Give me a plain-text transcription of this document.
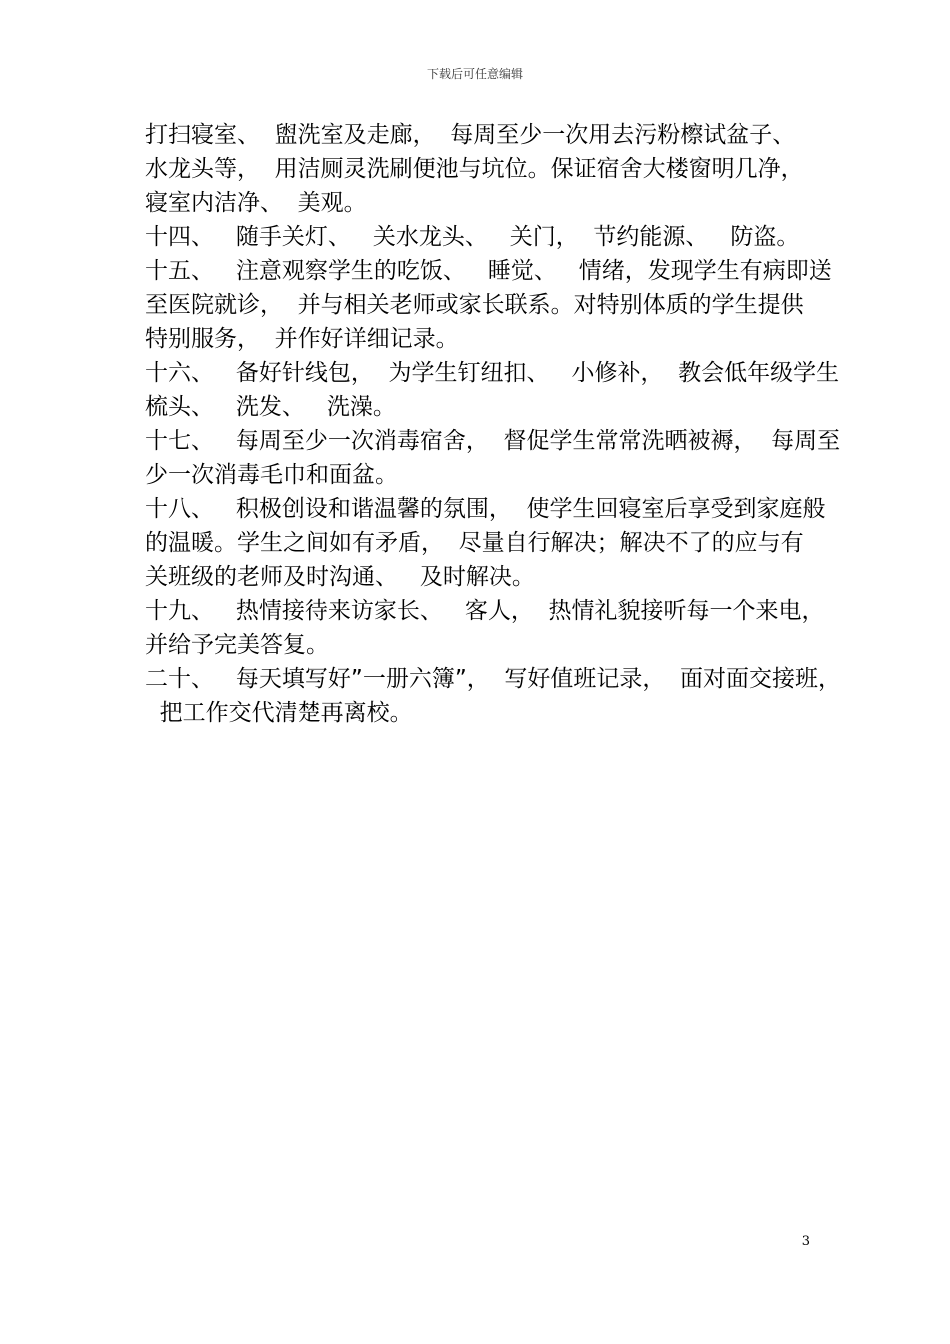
下载后可任意编辑
打扫寝室、  盥洗室及走廊，  每周至少一次用去污粉檫试盆子、
水龙头等，  用洁厕灵洗刷便池与坑位。保证宿舍大楼窗明几净，
寝室内洁净、  美观。
十四、   随手关灯、   关水龙头、   关门，  节约能源、   防盗。
十五、   注意观察学生的吃饭、   睡觉、   情绪，发现学生有病即送
至医院就诊，  并与相关老师或家长联系。对特别体质的学生提供
特别服务，  并作好详细记录。
十六、   备好针线包，  为学生钉纽扣、   小修补，  教会低年级学生
梳头、   洗发、   洗澡。
十七、   每周至少一次消毒宿舍，  督促学生常常洗晒被褥，  每周至
少一次消毒毛巾和面盆。
十八、   积极创设和谐温馨的氛围，  使学生回寝室后享受到家庭般
的温暖。学生之间如有矛盾，  尽量自行解决；解决不了的应与有
关班级的老师及时沟通、   及时解决。
十九、   热情接待来访家长、   客人，  热情礼貌接听每一个来电，
并给予完美答复。
二十、   每天填写好”一册六簿”，  写好值班记录，  面对面交接班，
把工作交代清楚再离校。
3
